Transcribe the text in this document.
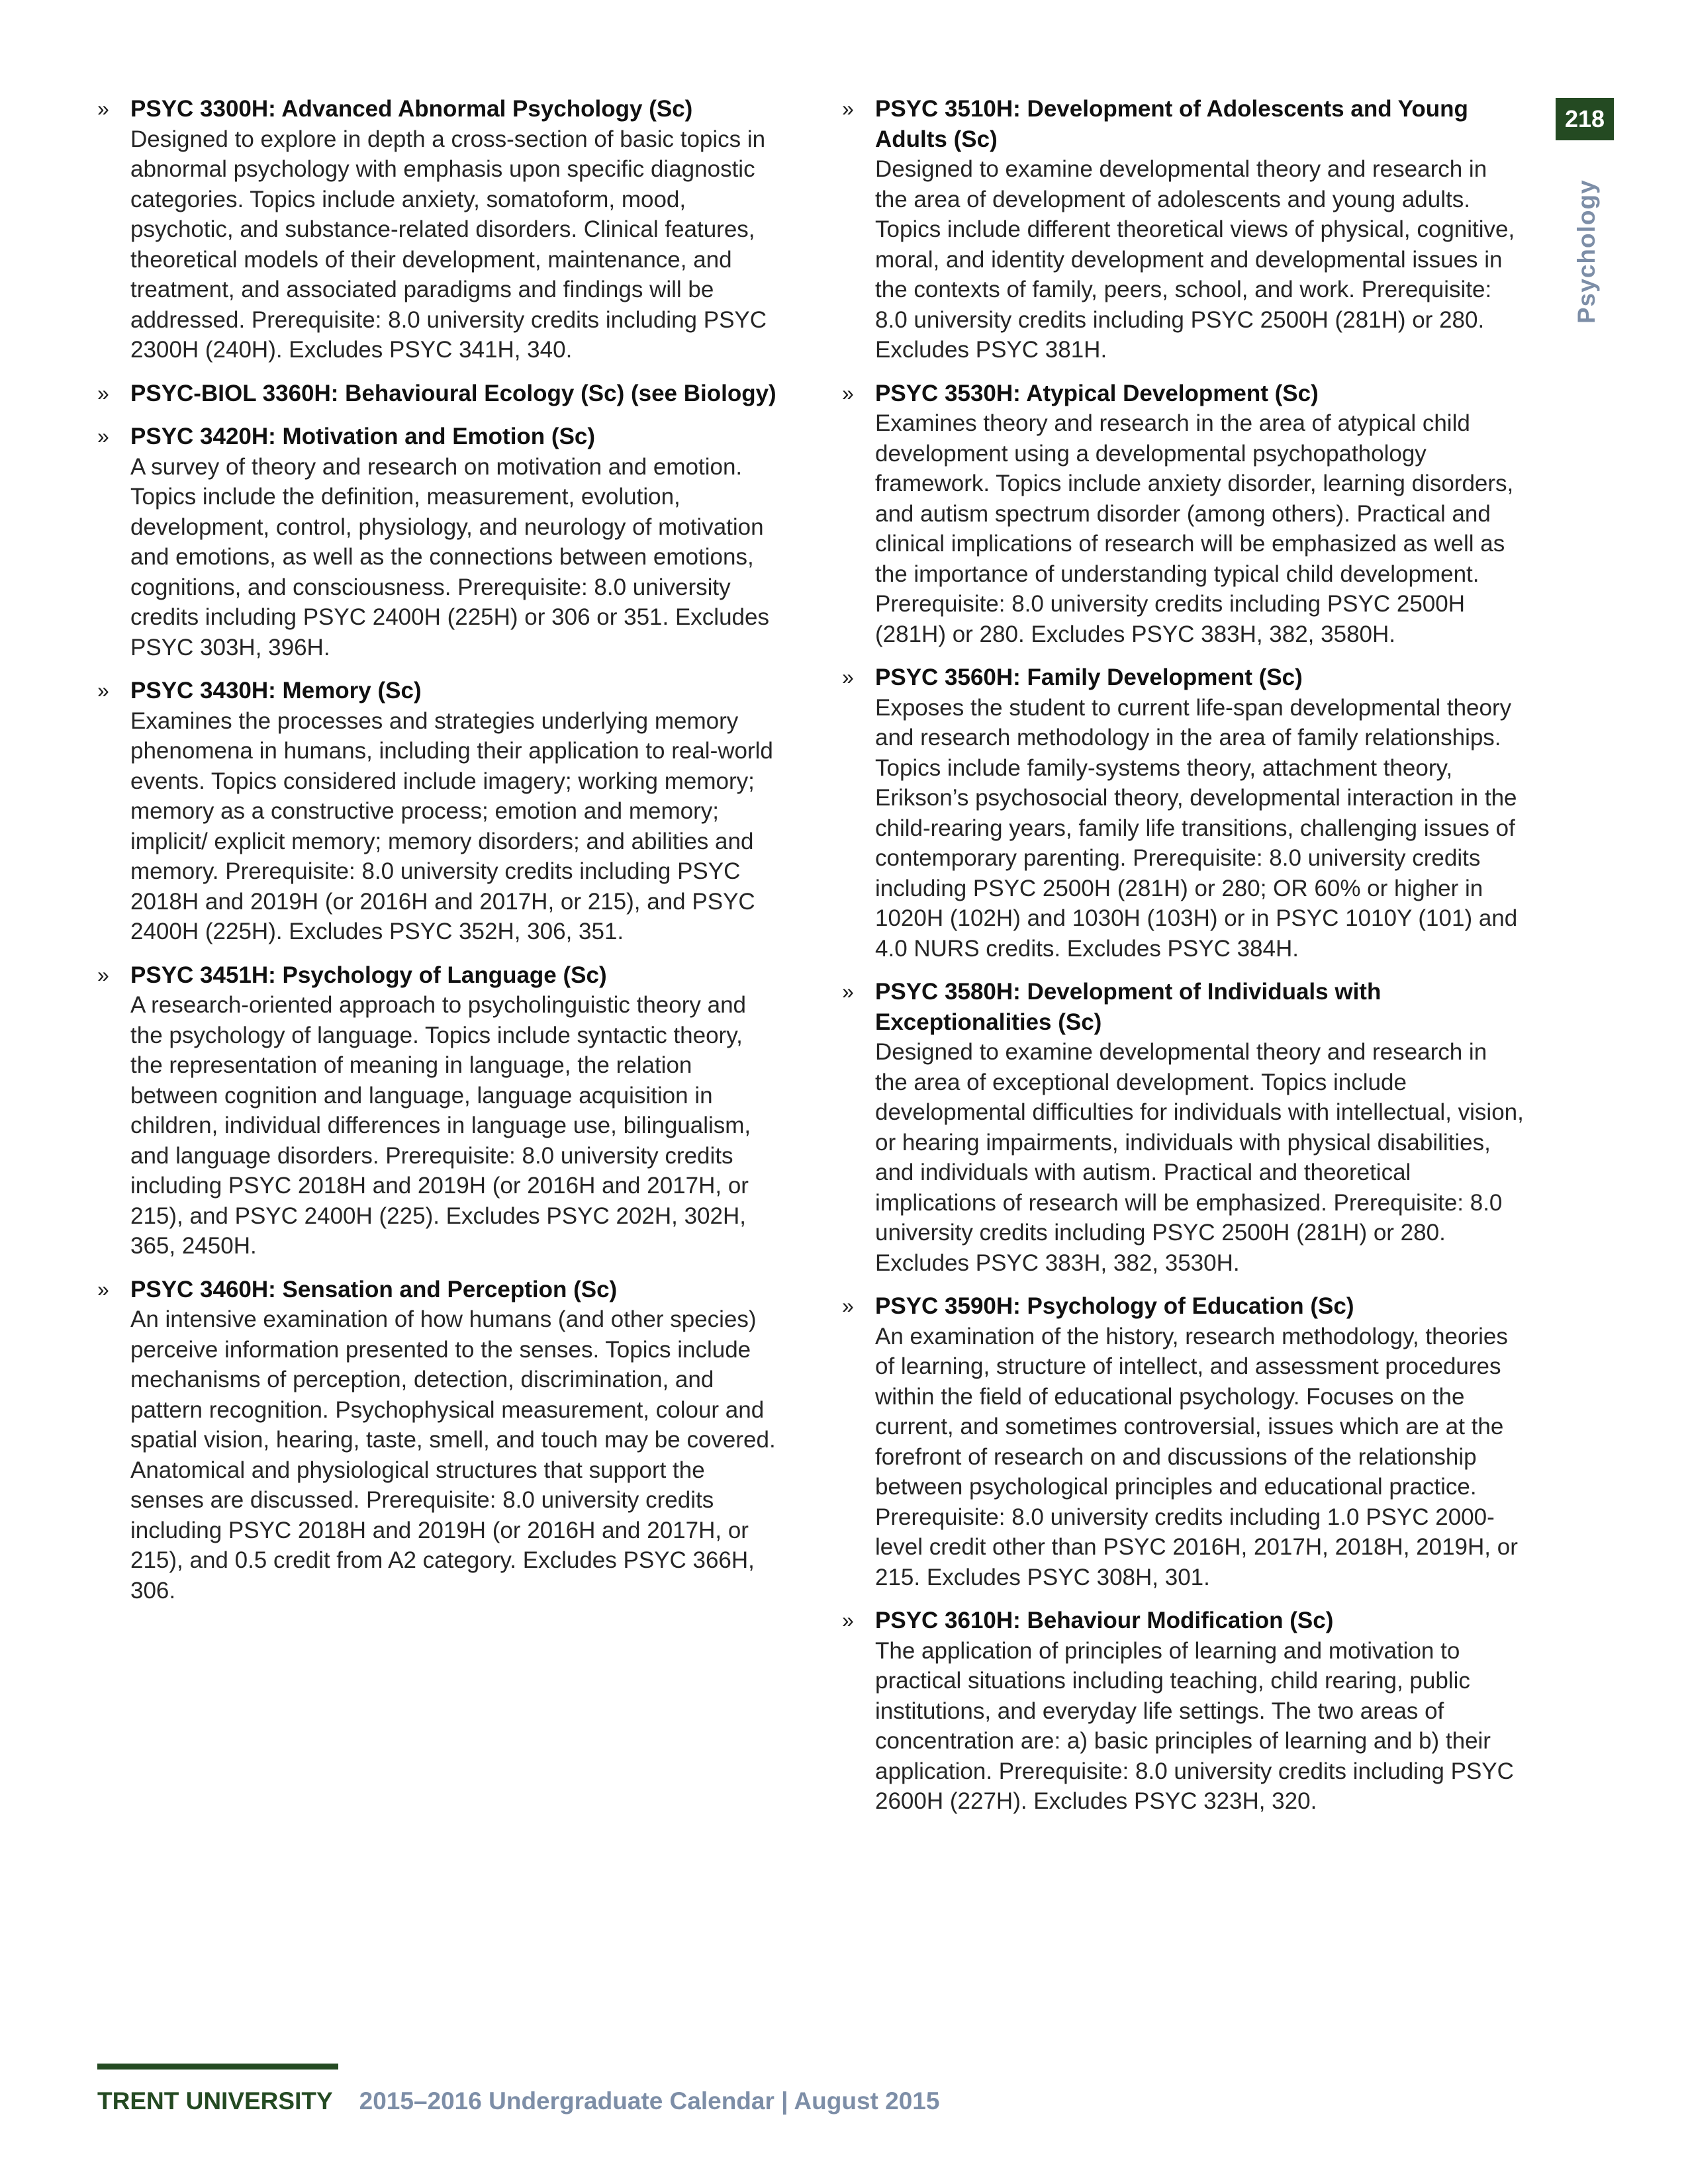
218
Psychology
» PSYC 3300H: Advanced Abnormal Psychology (Sc)
Designed to explore in depth a cross-section of basic topics in abnormal psychology with emphasis upon specific diagnostic categories. Topics include anxiety, somatoform, mood, psychotic, and substance-related disorders. Clinical features, theoretical models of their development, maintenance, and treatment, and associated paradigms and findings will be addressed. Prerequisite: 8.0 university credits including PSYC 2300H (240H). Excludes PSYC 341H, 340.
» PSYC-BIOL 3360H: Behavioural Ecology (Sc) (see Biology)
» PSYC 3420H: Motivation and Emotion (Sc)
A survey of theory and research on motivation and emotion. Topics include the definition, measurement, evolution, development, control, physiology, and neurology of motivation and emotions, as well as the connections between emotions, cognitions, and consciousness. Prerequisite: 8.0 university credits including PSYC 2400H (225H) or 306 or 351. Excludes PSYC 303H, 396H.
» PSYC 3430H: Memory (Sc)
Examines the processes and strategies underlying memory phenomena in humans, including their application to real-world events. Topics considered include imagery; working memory; memory as a constructive process; emotion and memory; implicit/ explicit memory; memory disorders; and abilities and memory. Prerequisite: 8.0 university credits including PSYC 2018H and 2019H (or 2016H and 2017H, or 215), and PSYC 2400H (225H). Excludes PSYC 352H, 306, 351.
» PSYC 3451H: Psychology of Language (Sc)
A research-oriented approach to psycholinguistic theory and the psychology of language. Topics include syntactic theory, the representation of meaning in language, the relation between cognition and language, language acquisition in children, individual differences in language use, bilingualism, and language disorders. Prerequisite: 8.0 university credits including PSYC 2018H and 2019H (or 2016H and 2017H, or 215), and PSYC 2400H (225). Excludes PSYC 202H, 302H, 365, 2450H.
» PSYC 3460H: Sensation and Perception (Sc)
An intensive examination of how humans (and other species) perceive information presented to the senses. Topics include mechanisms of perception, detection, discrimination, and pattern recognition. Psychophysical measurement, colour and spatial vision, hearing, taste, smell, and touch may be covered. Anatomical and physiological structures that support the senses are discussed. Prerequisite: 8.0 university credits including PSYC 2018H and 2019H (or 2016H and 2017H, or 215), and 0.5 credit from A2 category. Excludes PSYC 366H, 306.
» PSYC 3510H: Development of Adolescents and Young Adults (Sc)
Designed to examine developmental theory and research in the area of development of adolescents and young adults. Topics include different theoretical views of physical, cognitive, moral, and identity development and developmental issues in the contexts of family, peers, school, and work. Prerequisite: 8.0 university credits including PSYC 2500H (281H) or 280. Excludes PSYC 381H.
» PSYC 3530H: Atypical Development (Sc)
Examines theory and research in the area of atypical child development using a developmental psychopathology framework. Topics include anxiety disorder, learning disorders, and autism spectrum disorder (among others). Practical and clinical implications of research will be emphasized as well as the importance of understanding typical child development. Prerequisite: 8.0 university credits including PSYC 2500H (281H) or 280. Excludes PSYC 383H, 382, 3580H.
» PSYC 3560H: Family Development (Sc)
Exposes the student to current life-span developmental theory and research methodology in the area of family relationships. Topics include family-systems theory, attachment theory, Erikson’s psychosocial theory, developmental interaction in the child-rearing years, family life transitions, challenging issues of contemporary parenting. Prerequisite: 8.0 university credits including PSYC 2500H (281H) or 280; OR 60% or higher in 1020H (102H) and 1030H (103H) or in PSYC 1010Y (101) and 4.0 NURS credits. Excludes PSYC 384H.
» PSYC 3580H: Development of Individuals with Exceptionalities (Sc)
Designed to examine developmental theory and research in the area of exceptional development. Topics include developmental difficulties for individuals with intellectual, vision, or hearing impairments, individuals with physical disabilities, and individuals with autism. Practical and theoretical implications of research will be emphasized. Prerequisite: 8.0 university credits including PSYC 2500H (281H) or 280. Excludes PSYC 383H, 382, 3530H.
» PSYC 3590H: Psychology of Education (Sc)
An examination of the history, research methodology, theories of learning, structure of intellect, and assessment procedures within the field of educational psychology. Focuses on the current, and sometimes controversial, issues which are at the forefront of research on and discussions of the relationship between psychological principles and educational practice. Prerequisite: 8.0 university credits including 1.0 PSYC 2000-level credit other than PSYC 2016H, 2017H, 2018H, 2019H, or 215. Excludes PSYC 308H, 301.
» PSYC 3610H: Behaviour Modification (Sc)
The application of principles of learning and motivation to practical situations including teaching, child rearing, public institutions, and everyday life settings. The two areas of concentration are: a) basic principles of learning and b) their application. Prerequisite: 8.0 university credits including PSYC 2600H (227H). Excludes PSYC 323H, 320.
TRENT UNIVERSITY 2015–2016 Undergraduate Calendar | August 2015
